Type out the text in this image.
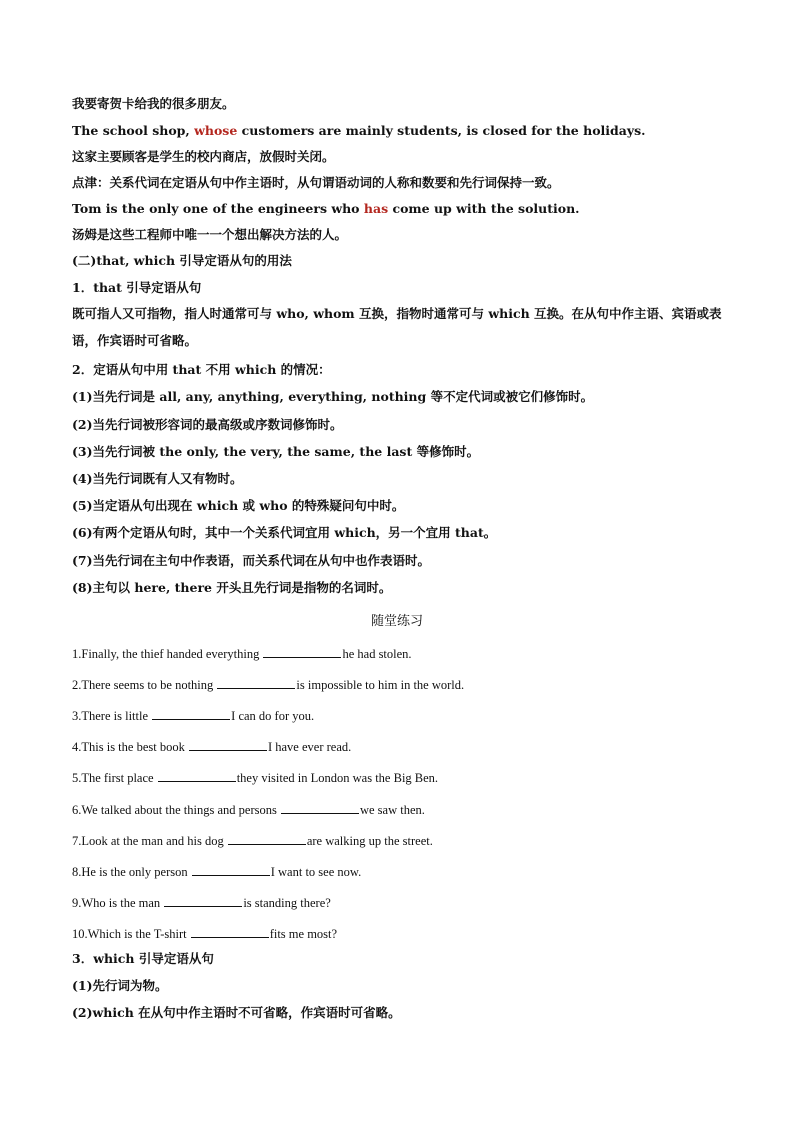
我要寄贺卡给我的很多朋友。
The school shop, whose customers are mainly students, is closed for the holidays.
这家主要顾客是学生的校内商店，放假时关闭。
点津：关系代词在定语从句中作主语时，从句谓语动词的人称和数要和先行词保持一致。
Tom is the only one of the engineers who has come up with the solution.
汤姆是这些工程师中唯一一个想出解决方法的人。
(二)that, which 引导定语从句的用法
1．that 引导定语从句
既可指人又可指物，指人时通常可与 who, whom 互换，指物时通常可与 which 互换。在从句中作主语、宾语或表语，作宾语时可省略。
2．定语从句中用 that 不用 which 的情况：
(1)当先行词是 all, any, anything, everything, nothing 等不定代词或被它们修饰时。
(2)当先行词被形容词的最高级或序数词修饰时。
(3)当先行词被 the only, the very, the same, the last 等修饰时。
(4)当先行词既有人又有物时。
(5)当定语从句出现在 which 或 who 的特殊疑问句中时。
(6)有两个定语从句时，其中一个关系代词宜用 which，另一个宜用 that。
(7)当先行词在主句中作表语，而关系代词在从句中也作表语时。
(8)主句以 here, there 开头且先行词是指物的名词时。
随堂练习
1.Finally, the thief handed everything	he had stolen.
2.There seems to be nothing	is impossible to him in the world.
3.There is little	I can do for you.
4.This is the best book	I have ever read.
5.The first place	they visited in London was the Big Ben.
6.We talked about the things and persons	we saw then.
7.Look at the man and his dog	are walking up the street.
8.He is the only person	I want to see now.
9.Who is the man	is standing there?
10.Which is the T-shirt	fits me most?
3．which 引导定语从句
(1)先行词为物。
(2)which 在从句中作主语时不可省略，作宾语时可省略。
